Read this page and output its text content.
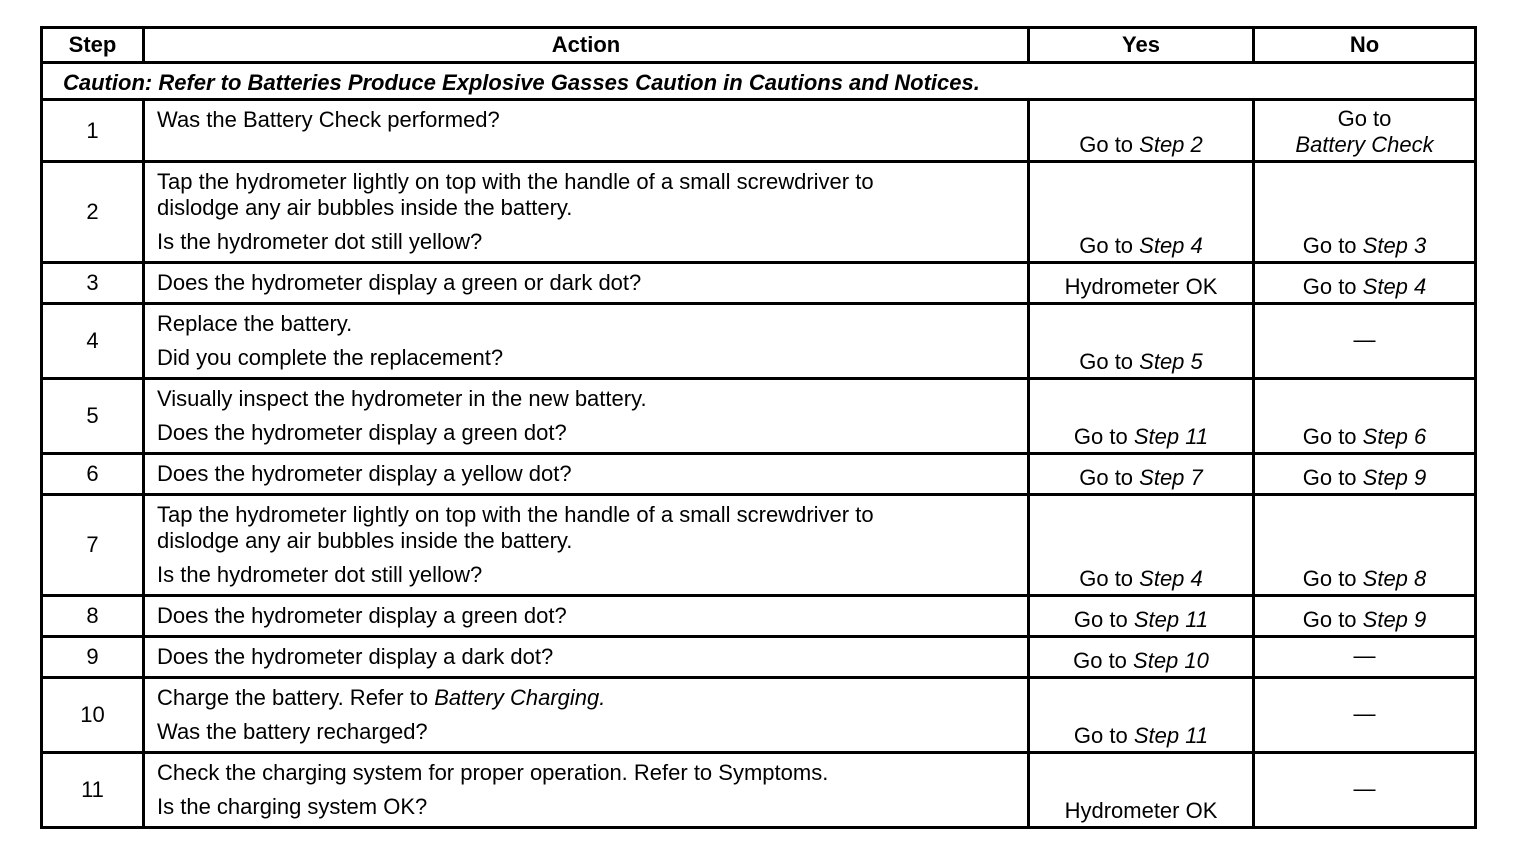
Step	Action	Yes	No
Caution: Refer to Batteries Produce Explosive Gasses Caution in Cautions and Notices.			
1	Was the Battery Check performed?	Go to Step 2	Go to
Battery Check
2	Tap the hydrometer lightly on top with the handle of a small screwdriver to
dislodge any air bubbles inside the battery.
Is the hydrometer dot still yellow?	Go to Step 4	Go to Step 3
3	Does the hydrometer display a green or dark dot?	Hydrometer OK	Go to Step 4
4	Replace the battery.
Did you complete the replacement?	Go to Step 5	—
5	Visually inspect the hydrometer in the new battery.
Does the hydrometer display a green dot?	Go to Step 11	Go to Step 6
6	Does the hydrometer display a yellow dot?	Go to Step 7	Go to Step 9
7	Tap the hydrometer lightly on top with the handle of a small screwdriver to
dislodge any air bubbles inside the battery.
Is the hydrometer dot still yellow?	Go to Step 4	Go to Step 8
8	Does the hydrometer display a green dot?	Go to Step 11	Go to Step 9
9	Does the hydrometer display a dark dot?	Go to Step 10	—
10	Charge the battery. Refer to Battery Charging.
Was the battery recharged?	Go to Step 11	—
11	Check the charging system for proper operation. Refer to Symptoms.
Is the charging system OK?	Hydrometer OK	—
